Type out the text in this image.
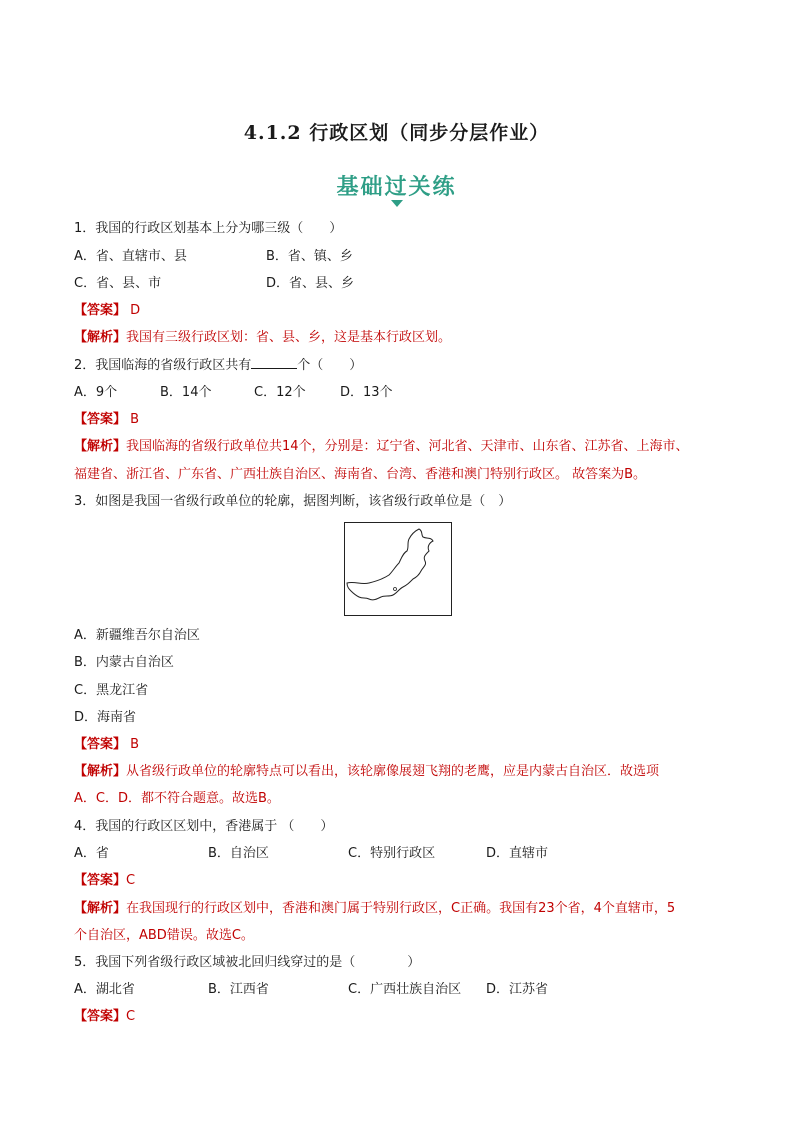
4.1.2 行政区划（同步分层作业）
基础过关练
1．我国的行政区划基本上分为哪三级（　　）
A．省、直辖市、县	B．省、镇、乡
C．省、县、市	D．省、县、乡
【答案】 D
【解析】我国有三级行政区划：省、县、乡，这是基本行政区划。
2．我国临海的省级行政区共有	个（　　）
A．9个	B．14个	C．12个	D．13个
【答案】 B
【解析】我国临海的省级行政单位共14个，分别是：辽宁省、河北省、天津市、山东省、江苏省、上海市、
福建省、浙江省、广东省、广西壮族自治区、海南省、台湾、香港和澳门特别行政区。 故答案为B。
3．如图是我国一省级行政单位的轮廓，据图判断，该省级行政单位是（　）
A．新疆维吾尔自治区
B．内蒙古自治区
C．黑龙江省
D．海南省
【答案】 B
【解析】从省级行政单位的轮廓特点可以看出，该轮廓像展翅飞翔的老鹰，应是内蒙古自治区．故选项
A．C．D．都不符合题意。故选B。
4．我国的行政区区划中，香港属于 （　　）
A．省	B．自治区	C．特别行政区	D．直辖市
【答案】C
【解析】在我国现行的行政区划中，香港和澳门属于特别行政区，C正确。我国有23个省，4个直辖市，5
个自治区，ABD错误。故选C。
5．我国下列省级行政区域被北回归线穿过的是（　　　　）
A．湖北省	B．江西省	C．广西壮族自治区 D．江苏省
【答案】C
